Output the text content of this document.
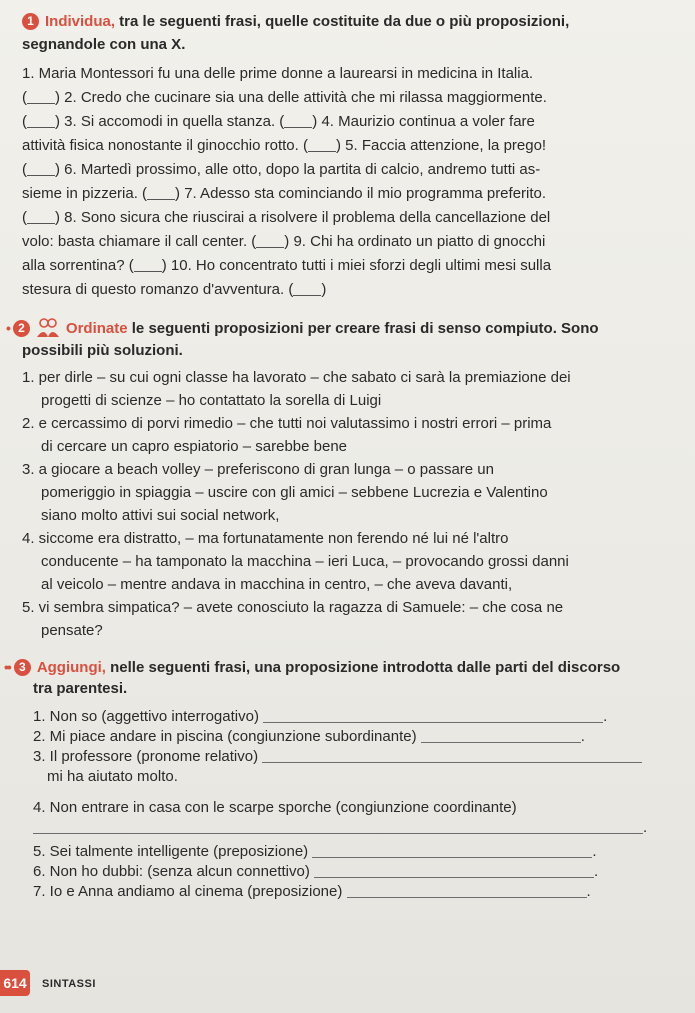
1 Individua, tra le seguenti frasi, quelle costituite da due o più proposizioni,
segnandole con una X.
1. Maria Montessori fu una delle prime donne a laurearsi in medicina in Italia.
( ) 2. Credo che cucinare sia una delle attività che mi rilassa maggiormente.
( ) 3. Si accomodi in quella stanza. ( ) 4. Maurizio continua a voler fare
attività fisica nonostante il ginocchio rotto. ( ) 5. Faccia attenzione, la prego!
( ) 6. Martedì prossimo, alle otto, dopo la partita di calcio, andremo tutti as-
sieme in pizzeria. ( ) 7. Adesso sta cominciando il mio programma preferito.
( ) 8. Sono sicura che riuscirai a risolvere il problema della cancellazione del
volo: basta chiamare il call center. ( ) 9. Chi ha ordinato un piatto di gnocchi
alla sorrentina? ( ) 10. Ho concentrato tutti i miei sforzi degli ultimi mesi sulla
stesura di questo romanzo d'avventura. ( )
• 2	Ordinate le seguenti proposizioni per creare frasi di senso compiuto. Sono
possibili più soluzioni.
1. per dirle – su cui ogni classe ha lavorato – che sabato ci sarà la premiazione dei
progetti di scienze – ho contattato la sorella di Luigi
2. e cercassimo di porvi rimedio – che tutti noi valutassimo i nostri errori – prima
di cercare un capro espiatorio – sarebbe bene
3. a giocare a beach volley – preferiscono di gran lunga – o passare un
pomeriggio in spiaggia – uscire con gli amici – sebbene Lucrezia e Valentino
siano molto attivi sui social network,
4. siccome era distratto, – ma fortunatamente non ferendo né lui né l'altro
conducente – ha tamponato la macchina – ieri Luca, – provocando grossi danni
al veicolo – mentre andava in macchina in centro, – che aveva davanti,
5. vi sembra simpatica? – avete conosciuto la ragazza di Samuele: – che cosa ne
pensate?
•• 3 Aggiungi, nelle seguenti frasi, una proposizione introdotta dalle parti del discorso
tra parentesi.
1. Non so (aggettivo interrogativo)	.
2. Mi piace andare in piscina (congiunzione subordinante)	.
3. Il professore (pronome relativo)
mi ha aiutato molto.
4. Non entrare in casa con le scarpe sporche (congiunzione coordinante)
.
5. Sei talmente intelligente (preposizione)	.
6. Non ho dubbi: (senza alcun connettivo)	.
7. Io e Anna andiamo al cinema (preposizione)	.
614	SINTASSI
